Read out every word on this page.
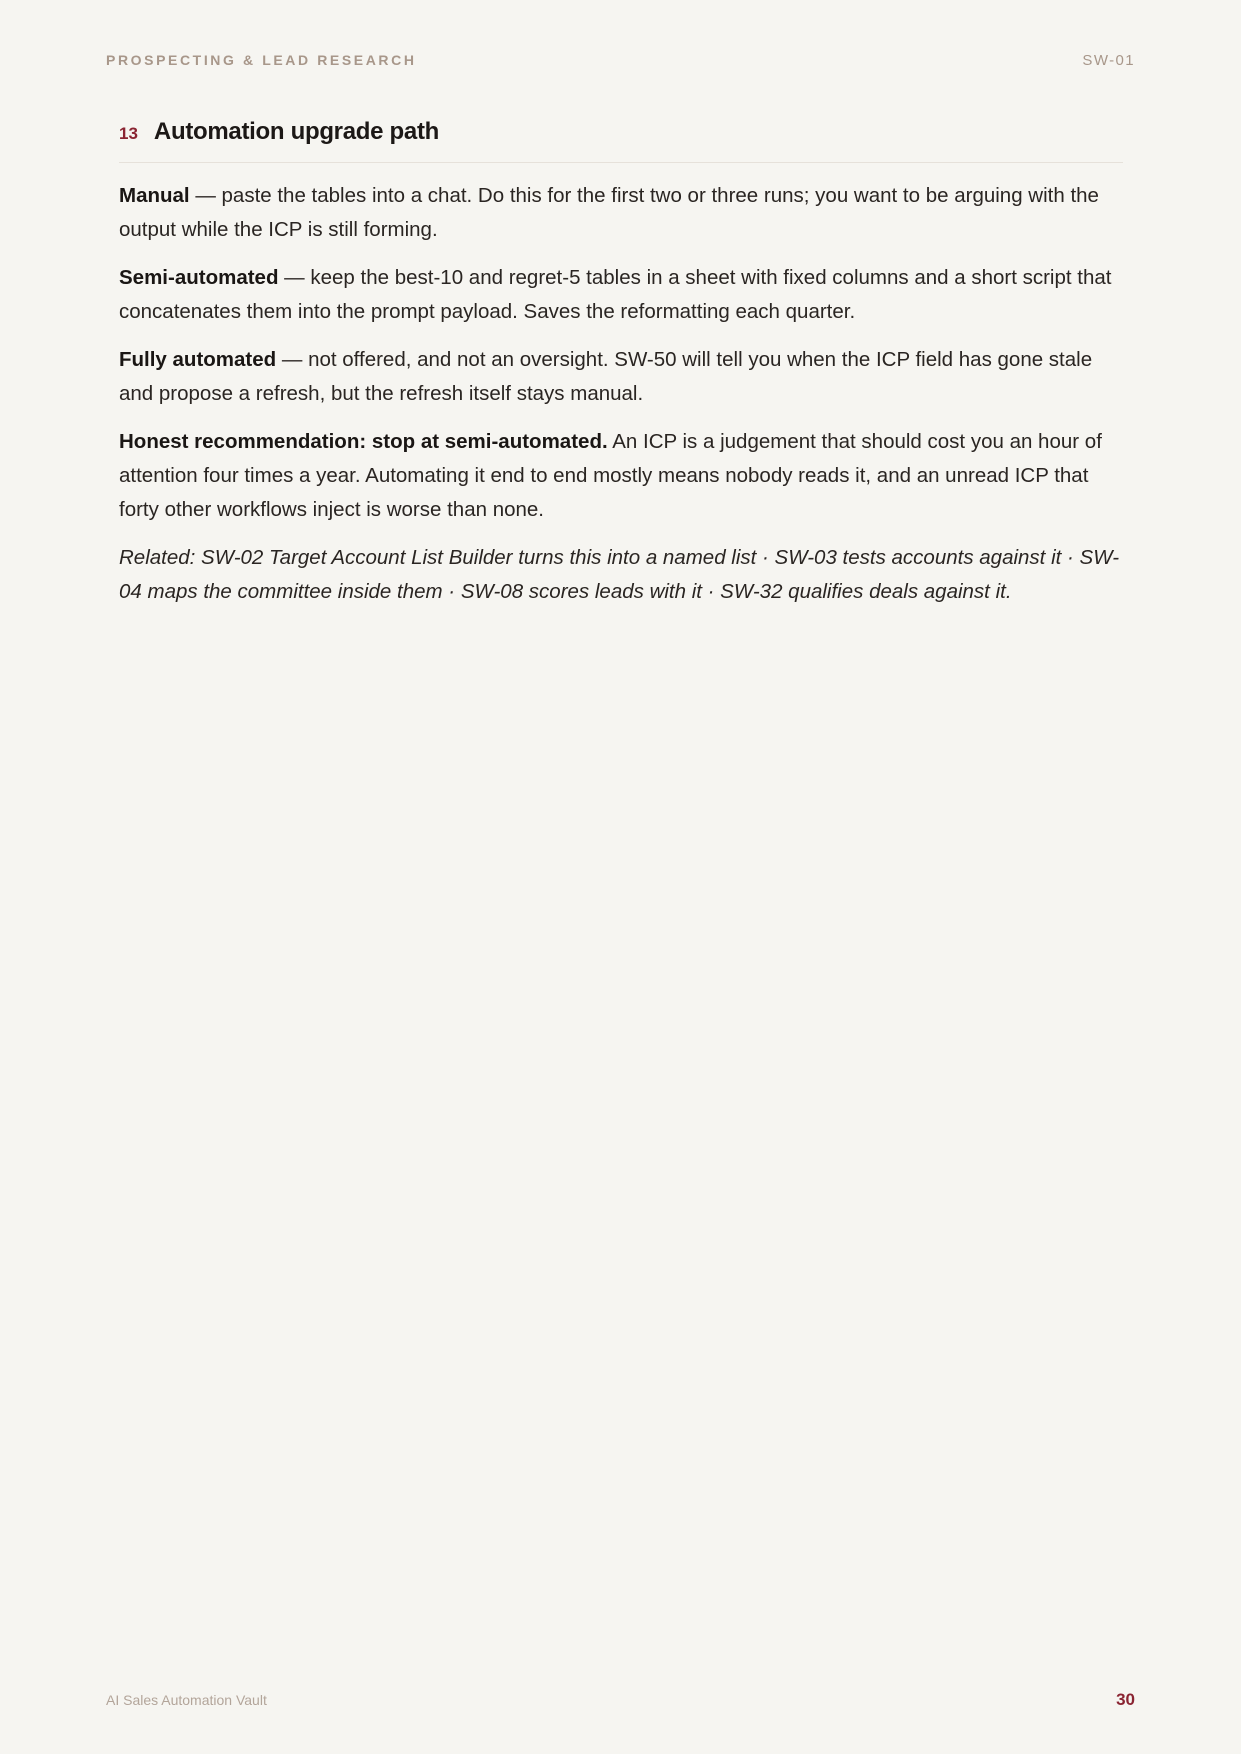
PROSPECTING & LEAD RESEARCH	SW-01
13 Automation upgrade path

Manual — paste the tables into a chat. Do this for the first two or three runs; you want to be arguing with the output while the ICP is still forming.

Semi-automated — keep the best-10 and regret-5 tables in a sheet with fixed columns and a short script that concatenates them into the prompt payload. Saves the reformatting each quarter.

Fully automated — not offered, and not an oversight. SW-50 will tell you when the ICP field has gone stale and propose a refresh, but the refresh itself stays manual.

Honest recommendation: stop at semi-automated. An ICP is a judgement that should cost you an hour of attention four times a year. Automating it end to end mostly means nobody reads it, and an unread ICP that forty other workflows inject is worse than none.

Related: SW-02 Target Account List Builder turns this into a named list · SW-03 tests accounts against it · SW-04 maps the committee inside them · SW-08 scores leads with it · SW-32 qualifies deals against it.

AI Sales Automation Vault	30
